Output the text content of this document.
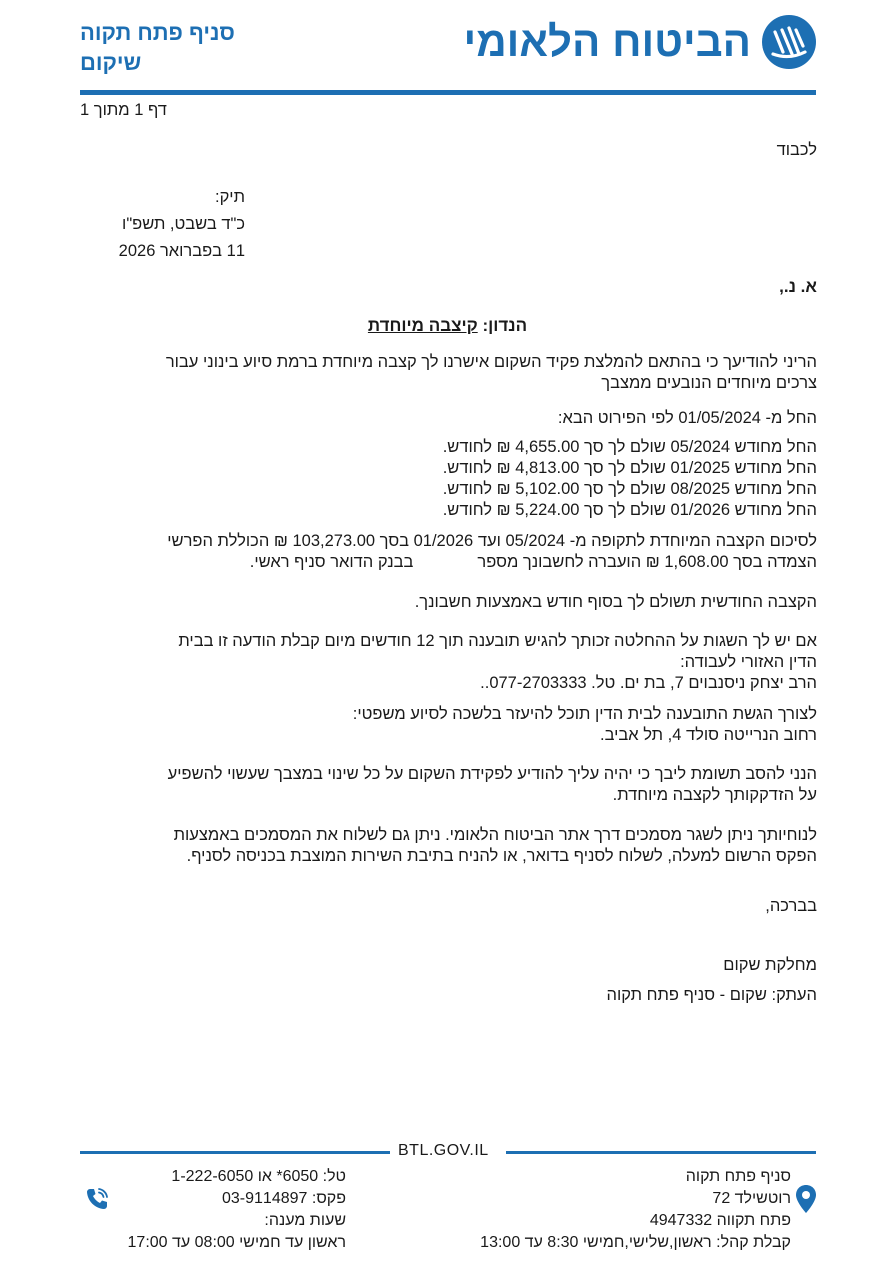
הביטוח הלאומי
סניף פתח תקוה
שיקום
דף 1 מתוך 1
לכבוד
תיק:
כ"ד בשבט, תשפ"ו
11 בפברואר 2026
א. נ.,
הנדון: קיצבה מיוחדת

הריני להודיעך כי בהתאם להמלצת פקיד השקום אישרנו לך קצבה מיוחדת ברמת סיוע בינוני עבור

צרכים מיוחדים הנובעים ממצבך

החל מ- 01/05/2024 לפי הפירוט הבא:

החל מחודש 05/2024 שולם לך סך 4,655.00 ₪ לחודש.

החל מחודש 01/2025 שולם לך סך 4,813.00 ₪ לחודש.

החל מחודש 08/2025 שולם לך סך 5,102.00 ₪ לחודש.

החל מחודש 01/2026 שולם לך סך 5,224.00 ₪ לחודש.

לסיכום הקצבה המיוחדת לתקופה מ- 05/2024 ועד 01/2026 בסך 103,273.00 ₪ הכוללת הפרשי

הצמדה בסך 1,608.00 ₪ הועברה לחשבונך מספרבבנק הדואר סניף ראשי.

הקצבה החודשית תשולם לך בסוף חודש באמצעות חשבונך.

אם יש לך השגות על ההחלטה זכותך להגיש תובענה תוך 12 חודשים מיום קבלת הודעה זו בבית

הדין האזורי לעבודה:

הרב יצחק ניסנבוים 7, בת ים. טל. 077-2703333..

לצורך הגשת התובענה לבית הדין תוכל להיעזר בלשכה לסיוע משפטי:

רחוב הנרייטה סולד 4, תל אביב.

הנני להסב תשומת ליבך כי יהיה עליך להודיע לפקידת השקום על כל שינוי במצבך שעשוי להשפיע

על הזדקקותך לקצבה מיוחדת.

לנוחיותך ניתן לשגר מסמכים דרך אתר הביטוח הלאומי. ניתן גם לשלוח את המסמכים באמצעות

הפקס הרשום למעלה, לשלוח לסניף בדואר, או להניח בתיבת השירות המוצבת בכניסה לסניף.

בברכה,
מחלקת שקום
העתק: שקום - סניף פתח תקוה
BTL.GOV.IL
סניף פתח תקוה
רוטשילד 72
פתח תקווה 4947332
קבלת קהל: ראשון,שלישי,חמישי 8:30 עד 13:00
טל: 6050* או 1-222-6050
פקס: 03-9114897
שעות מענה:
ראשון עד חמישי 08:00 עד 17:00
